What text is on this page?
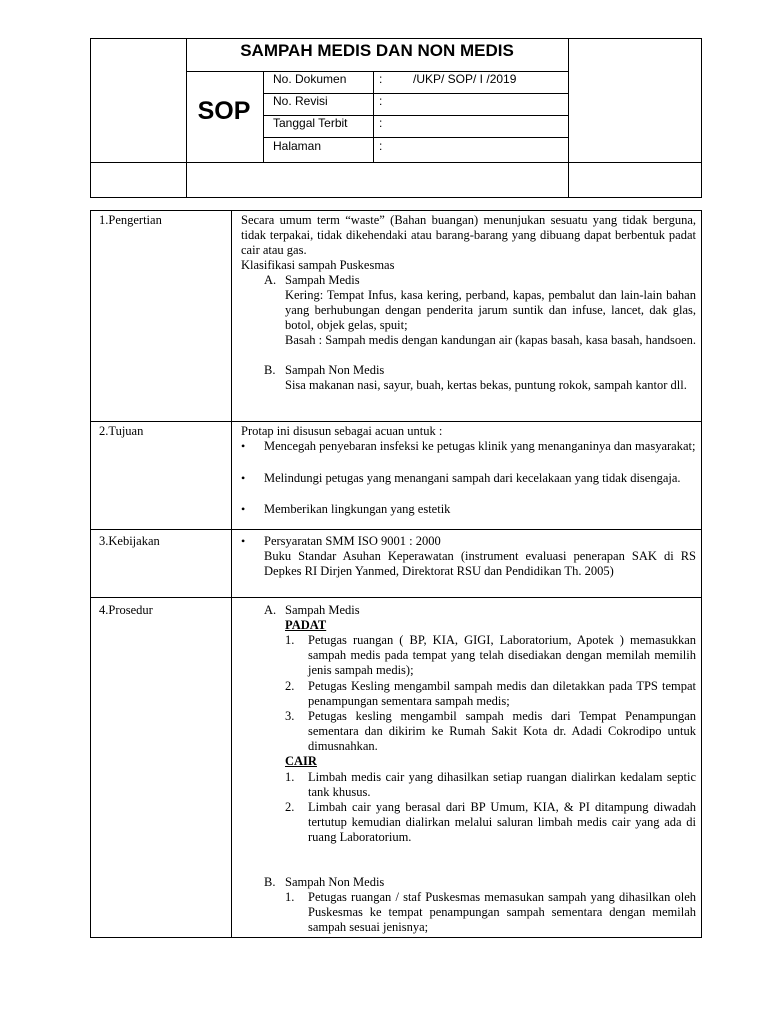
SAMPAH MEDIS DAN NON MEDIS
SOP
No. Dokumen	:	/UKP/ SOP/ I /2019
No. Revisi	:
Tanggal Terbit	:
Halaman	:
1.Pengertian	Secara umum term “waste” (Bahan buangan) menunjukan sesuatu yang tidak berguna, tidak terpakai, tidak dikehendaki atau barang-barang yang dibuang dapat berbentuk padat cair atau gas.
Klasifikasi sampah Puskesmas
A. Sampah Medis
Kering: Tempat Infus, kasa kering, perband, kapas, pembalut dan lain-lain bahan yang berhubungan dengan penderita jarum suntik dan infuse, lancet, dak glas, botol, objek gelas, spuit;
Basah : Sampah medis dengan kandungan air (kapas basah, kasa basah, handsoen.
B. Sampah Non Medis
Sisa makanan nasi, sayur, buah, kertas bekas, puntung rokok, sampah kantor dll.
2.Tujuan	Protap ini disusun sebagai acuan untuk :
• Mencegah penyebaran insfeksi ke petugas klinik yang menanganinya dan masyarakat;
• Melindungi petugas yang menangani sampah dari kecelakaan yang tidak disengaja.
• Memberikan lingkungan yang estetik
3.Kebijakan	• Persyaratan SMM ISO 9001 : 2000
Buku Standar Asuhan Keperawatan (instrument evaluasi penerapan SAK di RS Depkes RI Dirjen Yanmed, Direktorat RSU dan Pendidikan Th. 2005)
4.Prosedur	A. Sampah Medis
PADAT
1. Petugas ruangan ( BP, KIA, GIGI, Laboratorium, Apotek ) memasukkan sampah medis pada tempat yang telah disediakan dengan memilah memilih jenis sampah medis);
2. Petugas Kesling mengambil sampah medis dan diletakkan pada TPS tempat penampungan sementara sampah medis;
3. Petugas kesling mengambil sampah medis dari Tempat Penampungan sementara dan dikirim ke Rumah Sakit Kota dr. Adadi Cokrodipo untuk dimusnahkan.
CAIR
1. Limbah medis cair yang dihasilkan setiap ruangan dialirkan kedalam septic tank khusus.
2. Limbah cair yang berasal dari BP Umum, KIA, & PI ditampung diwadah tertutup kemudian dialirkan melalui saluran limbah medis cair yang ada di ruang Laboratorium.
B. Sampah Non Medis
1. Petugas ruangan / staf Puskesmas memasukan sampah yang dihasilkan oleh Puskesmas ke tempat penampungan sampah sementara dengan memilah sampah sesuai jenisnya;
